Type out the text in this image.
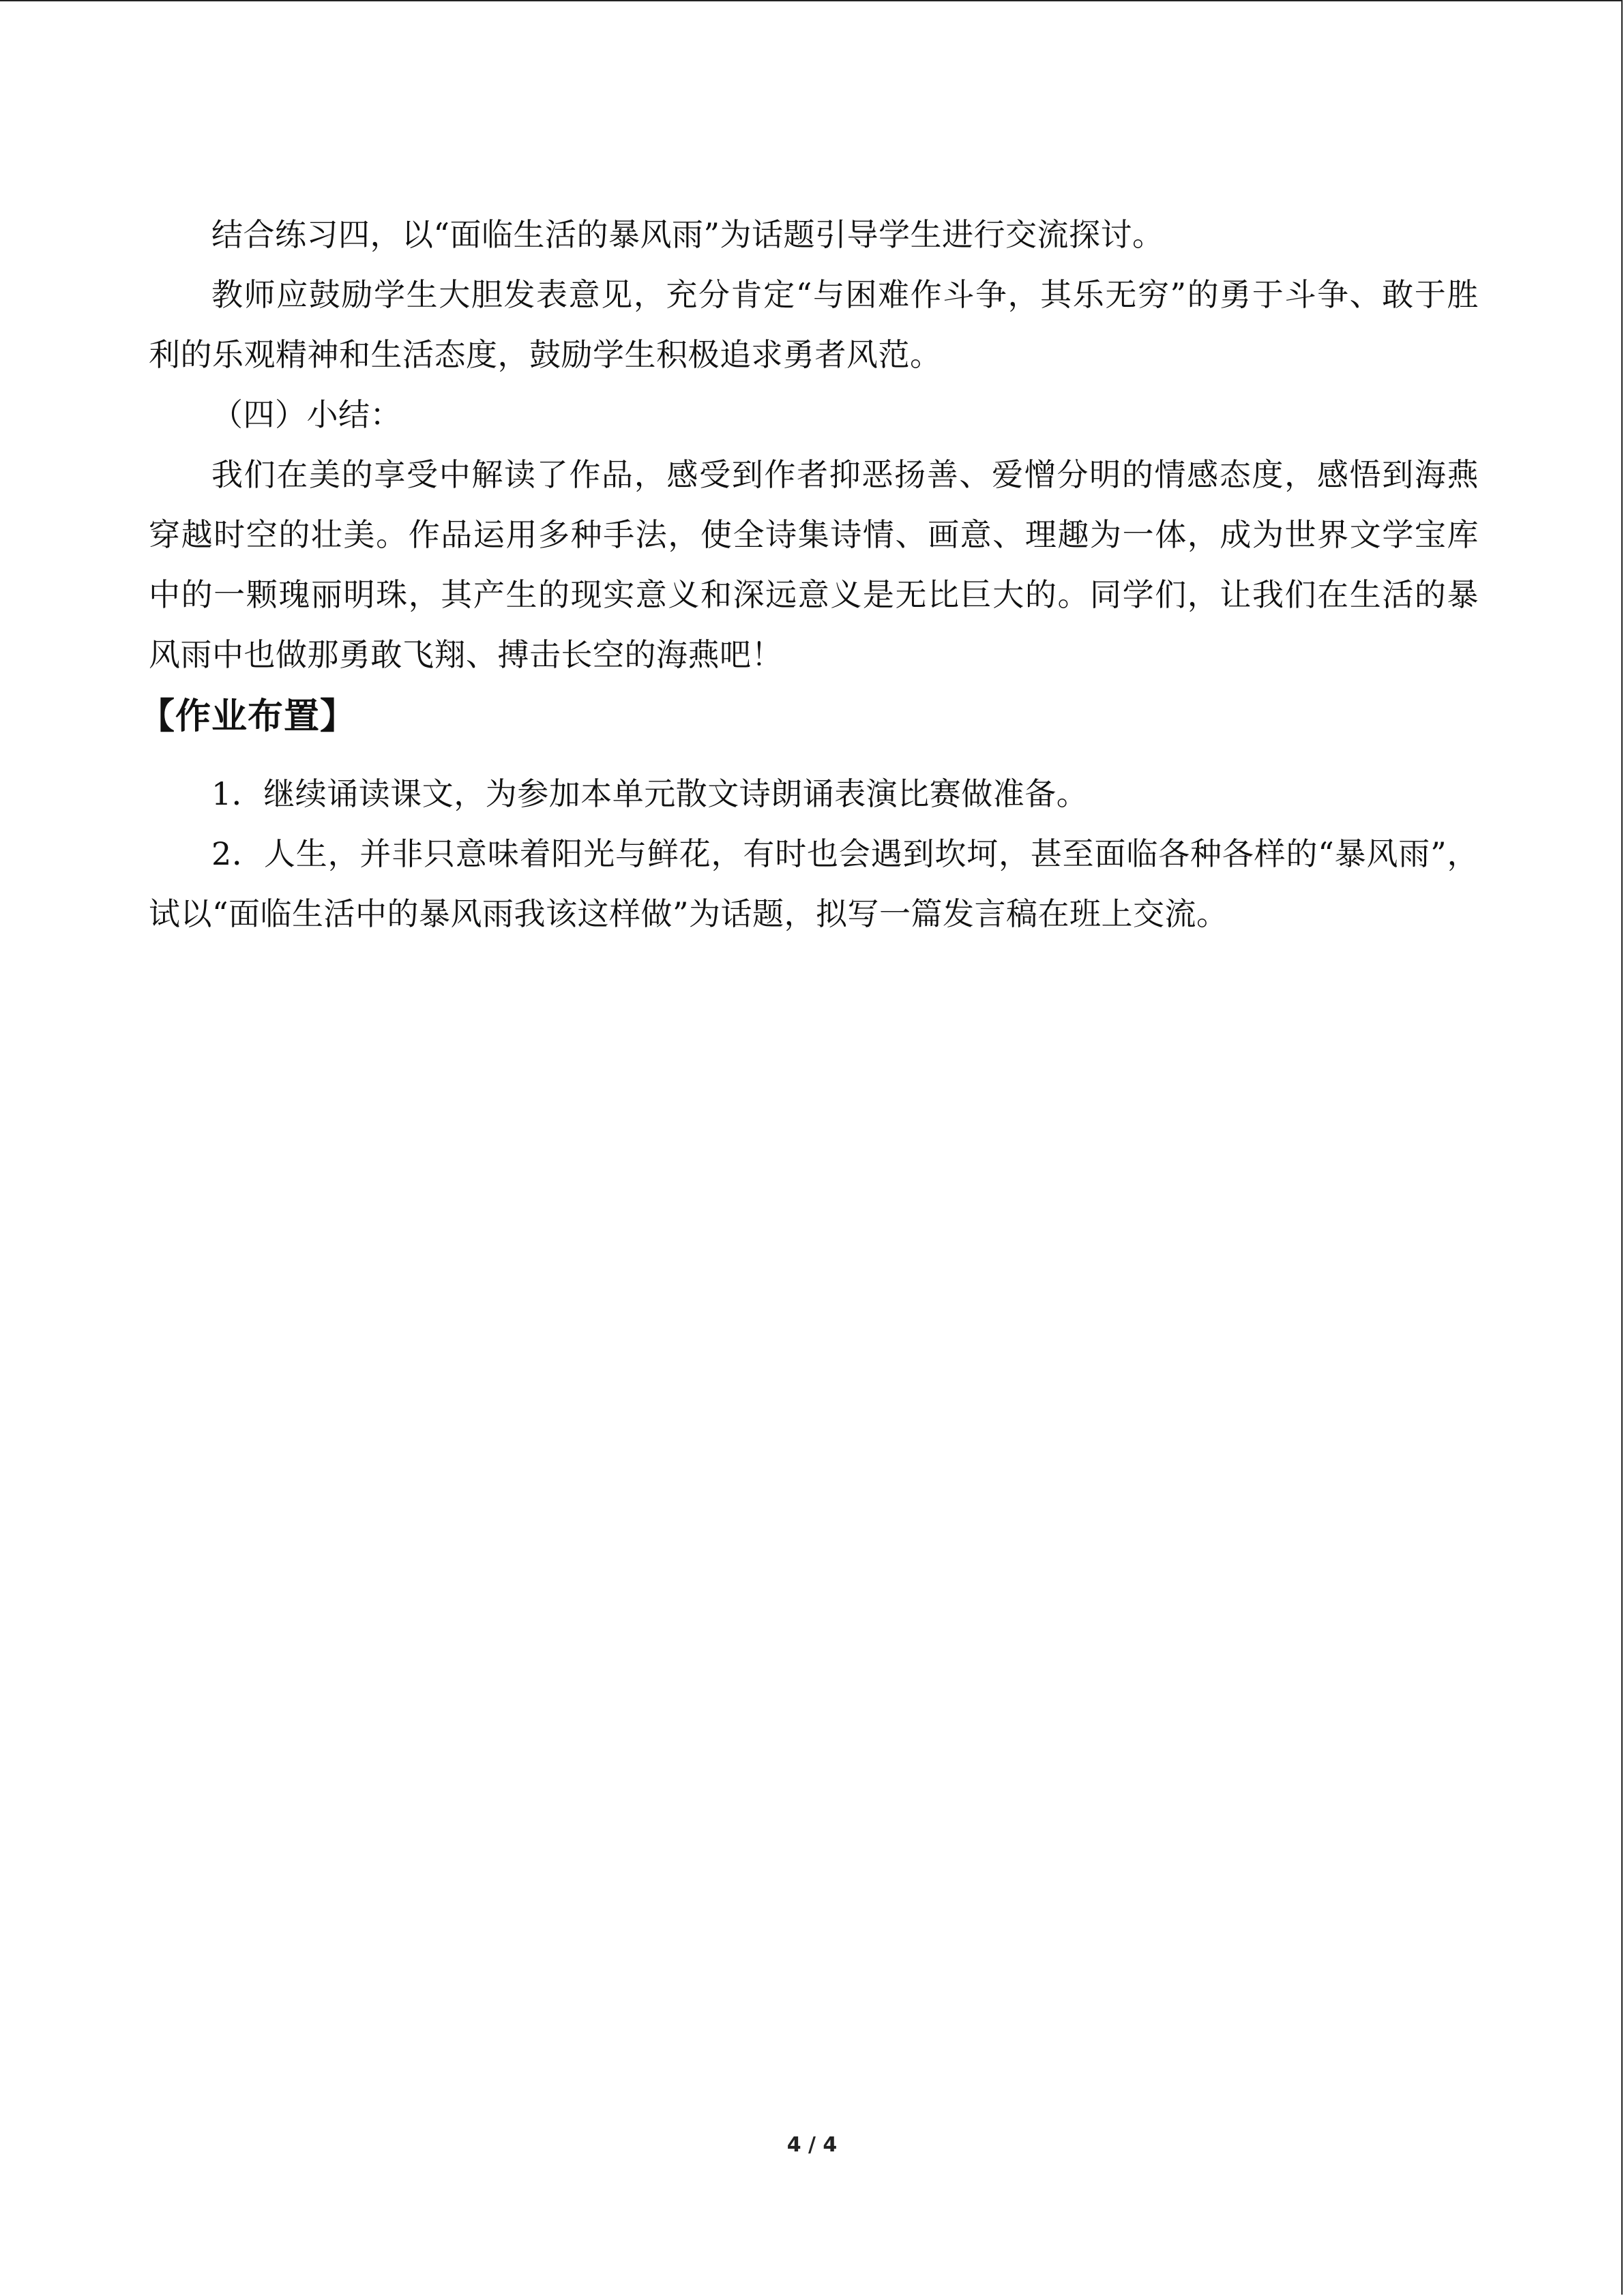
结合练习四，以“面临生活的暴风雨”为话题引导学生进行交流探讨。

教师应鼓励学生大胆发表意见，充分肯定“与困难作斗争，其乐无穷”的勇于斗争、敢于胜利的乐观精神和生活态度，鼓励学生积极追求勇者风范。

（四）小结：

我们在美的享受中解读了作品，感受到作者抑恶扬善、爱憎分明的情感态度，感悟到海燕穿越时空的壮美。作品运用多种手法，使全诗集诗情、画意、理趣为一体，成为世界文学宝库中的一颗瑰丽明珠，其产生的现实意义和深远意义是无比巨大的。同学们，让我们在生活的暴风雨中也做那勇敢飞翔、搏击长空的海燕吧！

【作业布置】

1．继续诵读课文，为参加本单元散文诗朗诵表演比赛做准备。

2．人生，并非只意味着阳光与鲜花，有时也会遇到坎坷，甚至面临各种各样的“暴风雨”，试以“面临生活中的暴风雨我该这样做”为话题，拟写一篇发言稿在班上交流。

4 / 4
